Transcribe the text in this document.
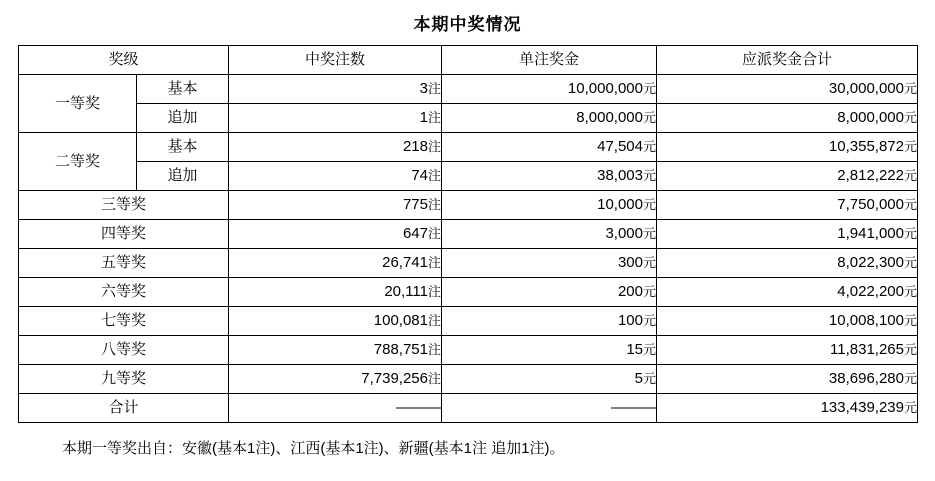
本期中奖情况
奖级		中奖注数	单注奖金	应派奖金合计
一等奖	基本	3注	10,000,000元	30,000,000元
	追加	1注	8,000,000元	8,000,000元
二等奖	基本	218注	47,504元	10,355,872元
	追加	74注	38,003元	2,812,222元
三等奖		775注	10,000元	7,750,000元
四等奖		647注	3,000元	1,941,000元
五等奖		26,741注	300元	8,022,300元
六等奖		20,111注	200元	4,022,200元
七等奖		100,081注	100元	10,008,100元
八等奖		788,751注	15元	11,831,265元
九等奖		7,739,256注	5元	38,696,280元
合计		———	———	133,439,239元
本期一等奖出自：安徽(基本1注)、江西(基本1注)、新疆(基本1注 追加1注)。
